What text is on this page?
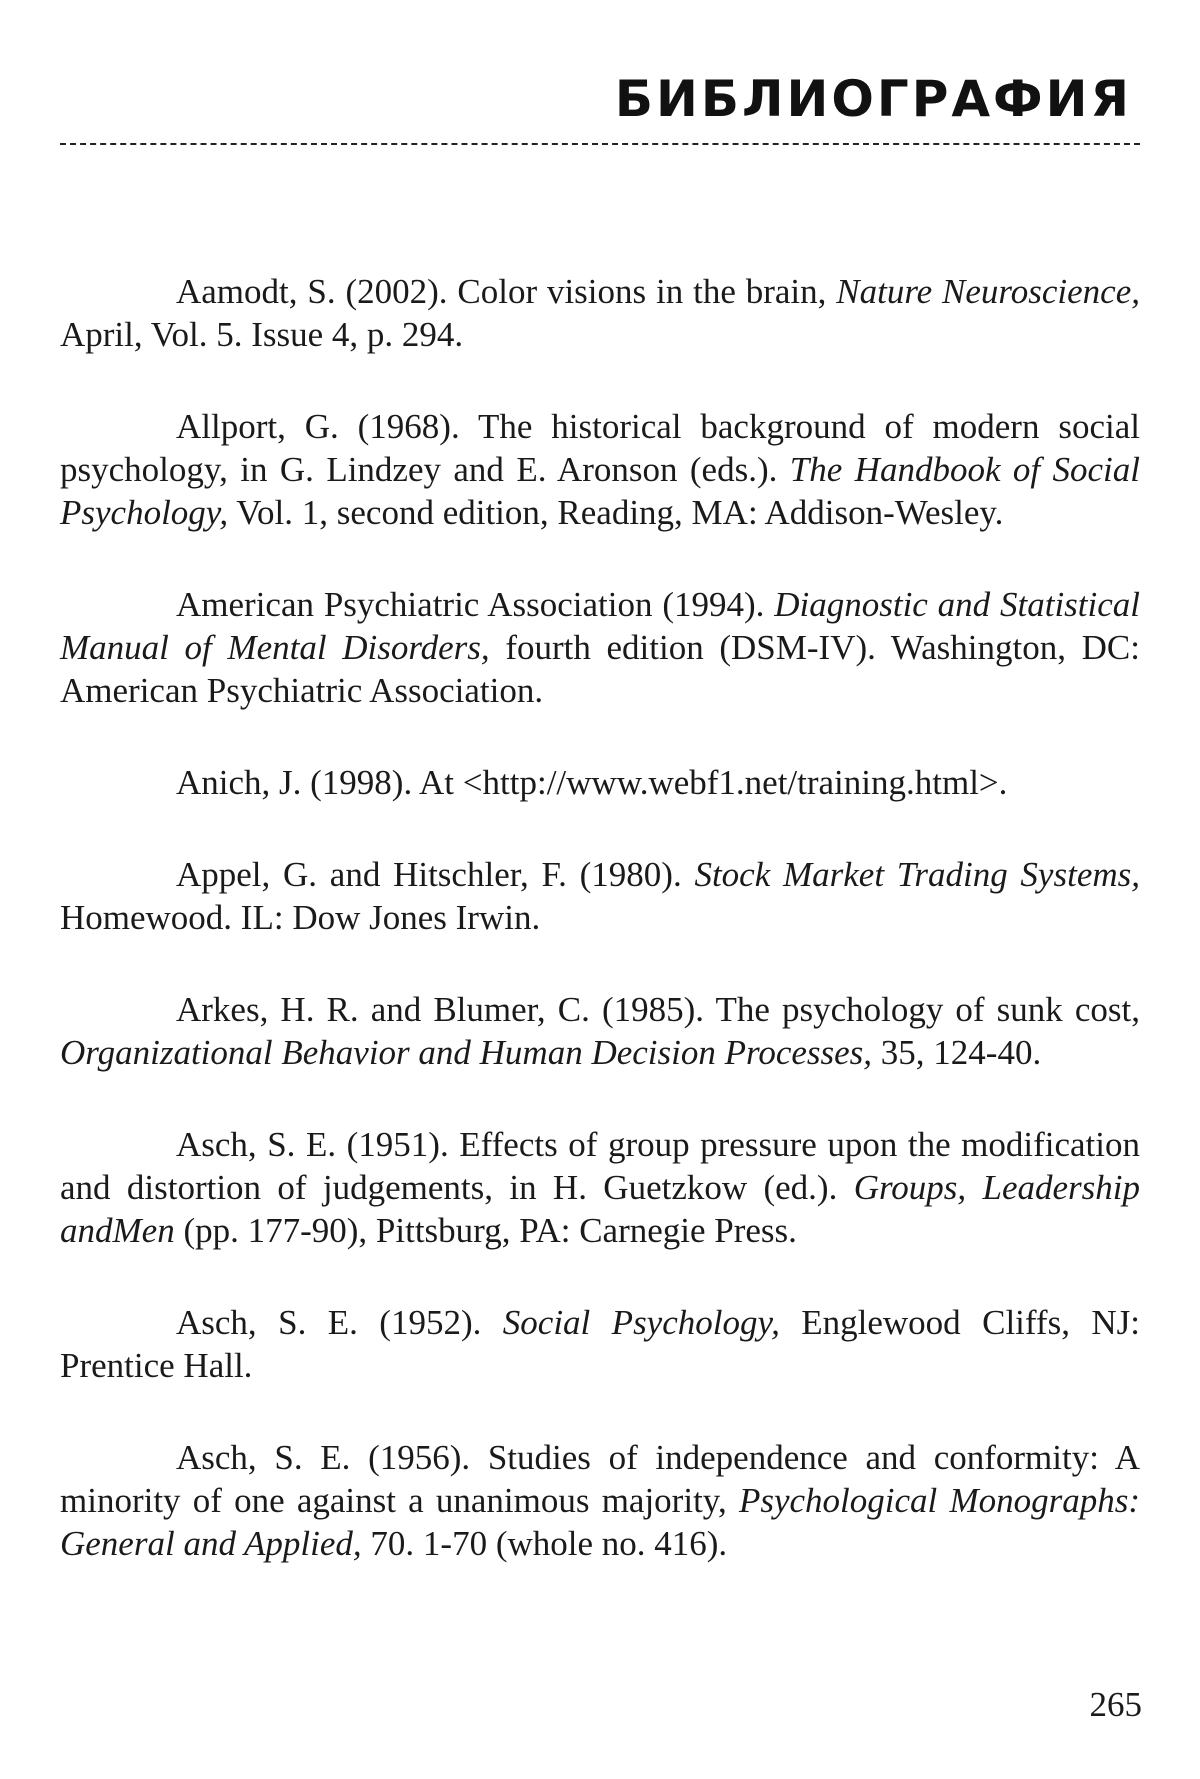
БИБЛИОГРАФИЯ

Aamodt, S. (2002). Color visions in the brain, Nature Neuroscience, April, Vol. 5. Issue 4, p. 294.

Allport, G. (1968). The historical background of modern social psychology, in G. Lindzey and E. Aronson (eds.). The Handbook of Social Psychology, Vol. 1, second edition, Reading, MA: Addison-Wesley.

American Psychiatric Association (1994). Diagnostic and Statistical Manual of Mental Disorders, fourth edition (DSM-IV). Washington, DC: American Psychiatric Association.

Anich, J. (1998). At <http://www.webf1.net/training.html>.

Appel, G. and Hitschler, F. (1980). Stock Market Trading Systems, Homewood. IL: Dow Jones Irwin.

Arkes, H. R. and Blumer, C. (1985). The psychology of sunk cost, Organizational Behavior and Human Decision Processes, 35, 124-40.

Asch, S. E. (1951). Effects of group pressure upon the modification and distortion of judgements, in H. Guetzkow (ed.). Groups, Leadership andMen (pp. 177-90), Pittsburg, PA: Carnegie Press.

Asch, S. E. (1952). Social Psychology, Englewood Cliffs, NJ: Prentice Hall.

Asch, S. E. (1956). Studies of independence and conformity: A minority of one against a unanimous majority, Psychological Monographs: General and Applied, 70. 1-70 (whole no. 416).

265
